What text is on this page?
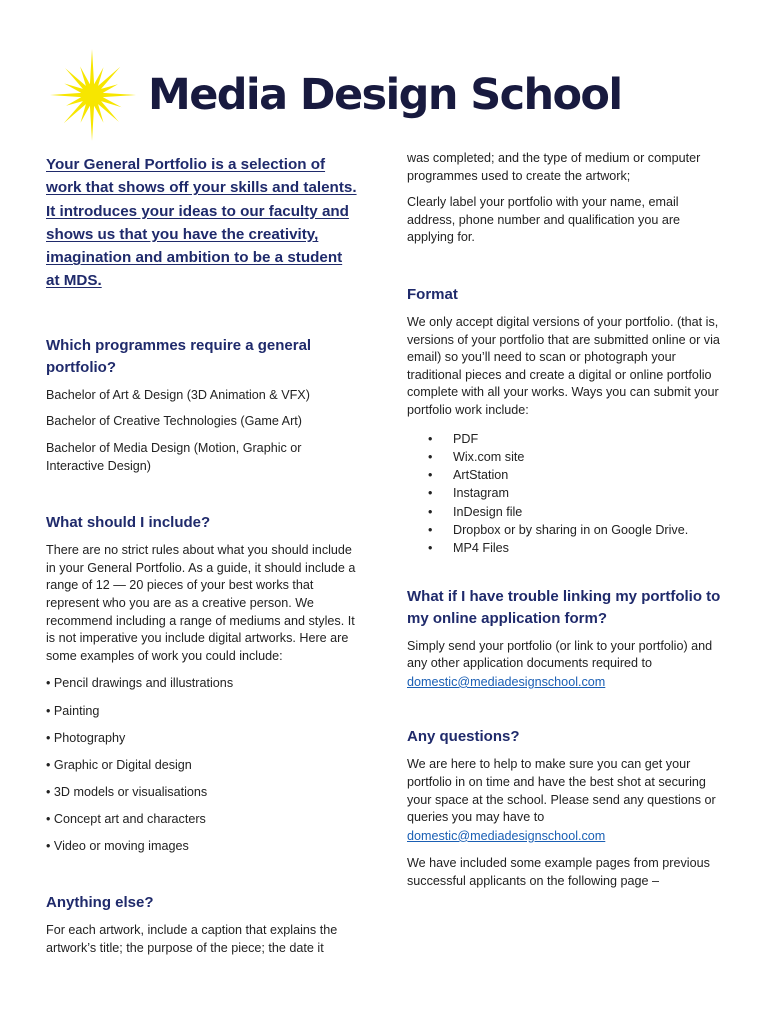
Media Design School
Your General Portfolio is a selection of work that shows off your skills and talents. It introduces your ideas to our faculty and shows us that you have the creativity, imagination and ambition to be a student at MDS.
Which programmes require a general portfolio?

Bachelor of Art & Design (3D Animation & VFX)

Bachelor of Creative Technologies (Game Art)

Bachelor of Media Design (Motion, Graphic or Interactive Design)

What should I include?

There are no strict rules about what you should include in your General Portfolio. As a guide, it should include a range of 12 — 20 pieces of your best works that represent who you are as a creative person. We recommend including a range of mediums and styles. It is not imperative you include digital artworks. Here are some examples of work you could include:

• Pencil drawings and illustrations

• Painting

• Photography

• Graphic or Digital design

• 3D models or visualisations

• Concept art and characters

• Video or moving images

Anything else?

For each artwork, include a caption that explains the artwork’s title; the purpose of the piece; the date it

was completed; and the type of medium or computer programmes used to create the artwork;

Clearly label your portfolio with your name, email address, phone number and qualification you are applying for.

Format

We only accept digital versions of your portfolio. (that is, versions of your portfolio that are submitted online or via email) so you’ll need to scan or photograph your traditional pieces and create a digital or online portfolio complete with all your works. Ways you can submit your portfolio work include:

• PDF
• Wix.com site
• ArtStation
• Instagram
• InDesign file
• Dropbox or by sharing in on Google Drive.
• MP4 Files
What if I have trouble linking my portfolio to my online application form?

Simply send your portfolio (or link to your portfolio) and any other application documents required to

domestic@mediadesignschool.com
Any questions?

We are here to help to make sure you can get your portfolio in on time and have the best shot at securing your space at the school. Please send any questions or queries you may have to

domestic@mediadesignschool.com

We have included some example pages from previous successful applicants on the following page –
